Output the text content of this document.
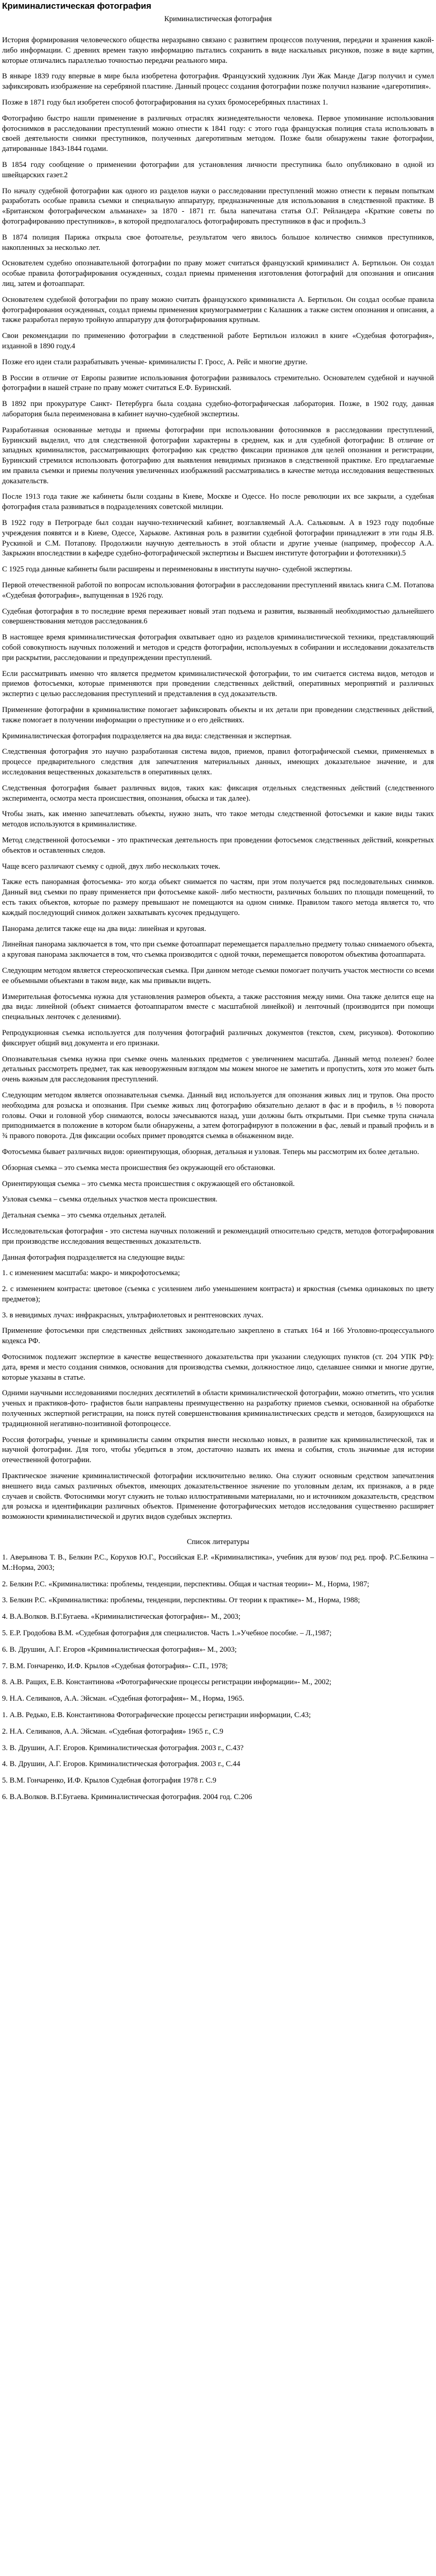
Криминалистическая фотография
Криминалистическая фотография

История формирования человеческого общества неразрывно связано с развитием процессов получения, передачи и хранения какой-либо информации. С древних времен такую информацию пытались сохранить в виде наскальных рисунков, позже в виде картин, которые отличались параллелью точностью передачи реального мира.

В январе 1839 году впервые в мире была изобретена фотография. Французский художник Луи Жак Манде Дагэр получил и сумел зафиксировать изображение на серебряной пластине. Данный процесс создания фотографии позже получил название «дагеротипия».

Позже в 1871 году был изобретен способ фотографирования на сухих бромосеребряных пластинах 1.

Фотографию быстро нашли применение в различных отраслях жизнедеятельности человека. Первое упоминание использования фотоснимков в расследовании преступлений можно отнести к 1841 году: с этого года французская полиция стала использовать в своей деятельности снимки преступников, полученных дагеротипным методом. Позже были обнаружены такие фотографии, датированные 1843-1844 годами.

В 1854 году сообщение о применении фотографии для установления личности преступника было опубликовано в одной из швейцарских газет.2

По началу судебной фотографии как одного из разделов науки о расследовании преступлений можно отнести к первым попыткам разработать особые правила съемки и специальную аппаратуру, предназначенные для использования в следственной практике. В «Британском фотографическом альманахе» за 1870 - 1871 гг. была напечатана статья О.Г. Рейландера «Краткие советы по фотографированию преступников», в которой предполагалось фотографировать преступников в фас и профиль.3

В 1874 полиция Парижа открыла свое фотоателье, результатом чего явилось большое количество снимков преступников, накопленных за несколько лет.

Основателем судебно опознавательной фотографии по праву может считаться французский криминалист А. Бертильон. Он создал особые правила фотографирования осужденных, создал приемы применения изготовления фотографий для опознания и описания лиц, затем и фотоаппарат.

Основателем судебной фотографии по праву можно считать французского криминалиста А. Бертильон. Он создал особые правила фотографирования осужденных, создал приемы применения криумограмметрии с Калашник а также систем опознания и описания, а также разработал первую тройную аппаратуру для фотографирования крупным.

Свои рекомендации по применению фотографии в следственной работе Бертильон изложил в книге «Судебная фотография», изданной в 1890 году.4

Позже его идеи стали разрабатывать ученые- криминалисты Г. Гросс, А. Рейс и многие другие.

В России в отличие от Европы развитие использования фотографии развивалось стремительно. Основателем судебной и научной фотографии в нашей стране по праву может считаться Е.Ф. Буринский.

В 1892 при прокуратуре Санкт- Петербурга была создана судебно-фотографическая лаборатория. Позже, в 1902 году, данная лаборатория была переименована в кабинет научно-судебной экспертизы.

Разработанная основанные методы и приемы фотографии при использовании фотоснимков в расследовании преступлений, Буринский выделил, что для следственной фотографии характерны в среднем, как и для судебной фотографии: В отличие от западных криминалистов, рассматривающих фотографию как средство фиксации признаков для целей опознания и регистрации, Буринский стремился использовать фотографию для выявления невидимых признаков в следственной практике. Его предлагаемые им правила съемки и приемы получения увеличенных изображений рассматривались в качестве метода исследования вещественных доказательств.

После 1913 года такие же кабинеты были созданы в Киеве, Москве и Одессе. Но после революции их все закрыли, а судебная фотография стала развиваться в подразделениях советской милиции.

В 1922 году в Петрограде был создан научно-технический кабинет, возглавляемый А.А. Сальковым. А в 1923 году подобные учреждения появятся и в Киеве, Одессе, Харькове. Активная роль в развитии судебной фотографии принадлежит в эти годы Я.В. Рускиной и С.М. Потапову. Продолжили научную деятельность в этой области и другие ученые (например, профессор А.А. Закрыжин впоследствии в кафедре судебно-фотографической экспертизы и Высшем институте фотографии и фототехники).5

С 1925 года данные кабинеты были расширены и переименованы в институты научно- судебной экспертизы.

Первой отечественной работой по вопросам использования фотографии в расследовании преступлений явилась книга С.М. Потапова «Судебная фотография», выпущенная в 1926 году.

Судебная фотография в то последние время переживает новый этап подъема и развития, вызванный необходимостью дальнейшего совершенствования методов расследования.6

В настоящее время криминалистическая фотография охватывает одно из разделов криминалистической техники, представляющий собой совокупность научных положений и методов и средств фотографии, используемых в собирании и исследовании доказательств при раскрытии, расследовании и предупреждении преступлений.

Если рассматривать именно что является предметом криминалистической фотографии, то им считается система видов, методов и приемов фотосъемки, которые применяются при проведении следственных действий, оперативных мероприятий и различных экспертиз с целью расследования преступлений и представления в суд доказательств.

Применение фотографии в криминалистике помогает зафиксировать объекты и их детали при проведении следственных действий, также помогает в получении информации о преступнике и о его действиях.

Криминалистическая фотография подразделяется на два вида: следственная и экспертная.

Следственная фотография это научно разработанная система видов, приемов, правил фотографической съемки, применяемых в процессе предварительного следствия для запечатления материальных данных, имеющих доказательное значение, и для исследования вещественных доказательств в оперативных целях.

Следственная фотография бывает различных видов, таких как: фиксация отдельных следственных действий (следственного эксперимента, осмотра места происшествия, опознания, обыска и так далее).

Чтобы знать, как именно запечатлевать объекты, нужно знать, что такое методы следственной фотосъемки и какие виды таких методов используются в криминалистике.

Метод следственной фотосъемки - это практическая деятельность при проведении фотосъемок следственных действий, конкретных объектов и оставленных следов.

Чаще всего различают съемку с одной, двух либо нескольких точек.

Также есть панорамная фотосъемка- это когда объект снимается по частям, при этом получается ряд последовательных снимков. Данный вид съемки по праву применяется при фотосъемке какой- либо местности, различных больших по площади помещений, то есть таких объектов, которые по размеру превышают не помещаются на одном снимке. Правилом такого метода является то, что каждый последующий снимок должен захватывать кусочек предыдущего.

Панорама делится также еще на два вида: линейная и круговая.

Линейная панорама заключается в том, что при съемке фотоаппарат перемещается параллельно предмету только снимаемого объекта, а круговая панорама заключается в том, что съемка производится с одной точки, перемещается поворотом объектива фотоаппарата.

Следующим методом является стереоскопическая съемка. При данном методе съемки помогает получить участок местности со всеми ее объемными объектами в таком виде, как мы привыкли видеть.

Измерительная фотосъемка нужна для установления размеров объекта, а также расстояния между ними. Она также делится еще на два вида: линейной (объект снимается фотоаппаратом вместе с масштабной линейкой) и ленточный (производится при помощи специальных ленточек с делениями).

Репродукционная съемка используется для получения фотографий различных документов (текстов, схем, рисунков). Фотокопию фиксирует общий вид документа и его признаки.

Опознавательная съемка нужна при съемке очень маленьких предметов с увеличением масштаба. Данный метод полезен? более детальных рассмотреть предмет, так как невооруженным взглядом мы можем многое не заметить и пропустить, хотя это может быть очень важным для расследования преступлений.

Следующим методом является опознавательная съемка. Данный вид используется для опознания живых лиц и трупов. Она просто необходима для розыска и опознания. При съемке живых лиц фотографию обязательно делают в фас и в профиль, в ½ поворота головы. Очки и головной убор снимаются, волосы зачесываются назад, уши должны быть открытыми. При съемке трупа сначала приподнимается в положение в котором были обнаружены, а затем фотографируют в положении в фас, левый и правый профиль и в ¾ правого поворота. Для фиксации особых примет проводятся съемка в обнаженном виде.

Фотосъемка бывает различных видов: ориентирующая, обзорная, детальная и узловая. Теперь мы рассмотрим их более детально.

Обзорная съемка – это съемка места происшествия без окружающей его обстановки.

Ориентирующая съемка – это съемка места происшествия с окружающей его обстановкой.

Узловая съемка – съемка отдельных участков места происшествия.

Детальная съемка – это съемка отдельных деталей.

Исследовательская фотография - это система научных положений и рекомендаций относительно средств, методов фотографирования при производстве исследования вещественных доказательств.

Данная фотография подразделяется на следующие виды:

1. с изменением масштаба: макро- и микрофотосъемка;

2. с изменением контраста: цветовое (съемка с усилением либо уменьшением контраста) и яркостная (съемка одинаковых по цвету предметов);

3. в невидимых лучах: инфракрасных, ультрафиолетовых и рентгеновских лучах.

Применение фотосъемки при следственных действиях законодательно закреплено в статьях 164 и 166 Уголовно-процессуального кодекса РФ.

Фотоснимок подлежит экспертизе в качестве вещественного доказательства при указании следующих пунктов (ст. 204 УПК РФ): дата, время и место создания снимков, основания для производства съемки, должностное лицо, сделавшее снимки и многие другие, которые указаны в статье.

Одними научными исследованиями последних десятилетий в области криминалистической фотографии, можно отметить, что усилия ученых и практиков-фото- графистов были направлены преимущественно на разработку приемов съемки, основанной на обработке полученных экспертной регистрации, на поиск путей совершенствования криминалистических средств и методов, базирующихся на традиционной негативно-позитивной фотопроцессе.

Россия фотографы, ученые и криминалисты самим открытия внести несколько новых, в развитие как криминалистической, так и научной фотографии. Для того, чтобы убедиться в этом, достаточно назвать их имена и события, столь значимые для истории отечественной фотографии.

Практическое значение криминалистической фотографии исключительно велико. Она служит основным средством запечатления внешнего вида самых различных объектов, имеющих доказательственное значение по уголовным делам, их признаков, а в ряде случаев и свойств. Фотоснимки могут служить не только иллюстративными материалами, но и источником доказательств, средством для розыска и идентификации различных объектов. Применение фотографических методов исследования существенно расширяет возможности криминалистической и других видов судебных экспертиз.

Список литературы

1. Аверьянова Т. В., Белкин Р.С., Корухов Ю.Г., Российская Е.Р. «Криминалистика», учебник для вузов/ под ред. проф. Р.С.Белкина – М.:Норма, 2003;

2. Белкин Р.С. «Криминалистика: проблемы, тенденции, перспективы. Общая и частная теории»- М., Норма, 1987;

3. Белкин Р.С. «Криминалистика: проблемы, тенденции, перспективы. От теории к практике»- М., Норма, 1988;

4. В.А.Волков. В.Г.Бугаева. «Криминалистическая фотография»- М., 2003;

5. Е.Р. Гродобова В.М. «Судебная фотография для специалистов. Часть 1.»Учебное пособие. – Л.,1987;

6. В. Друшин, А.Г. Егоров «Криминалистическая фотография»- М., 2003;

7. В.М. Гончаренко, И.Ф. Крылов «Судебная фотография»- С.П., 1978;

8. А.В. Ращих, Е.В. Константинова «Фотографические процессы регистрации информации»- М., 2002;

9. Н.А. Селиванов, А.А. Эйсман. «Судебная фотография»- М., Норма, 1965.

1. А.В. Редько, Е.В. Константинова Фотографические процессы регистрации информации, С.43;

2. Н.А. Селиванов, А.А. Эйсман. «Судебная фотография» 1965 г., С.9

3. В. Друшин, А.Г. Егоров. Криминалистическая фотография. 2003 г., С.43?

4. В. Друшин, А.Г. Егоров. Криминалистическая фотография. 2003 г., С.44

5. В.М. Гончаренко, И.Ф. Крылов Судебная фотография 1978 г. С.9

6. В.А.Волков. В.Г.Бугаева. Криминалистическая фотография. 2004 год. С.206
